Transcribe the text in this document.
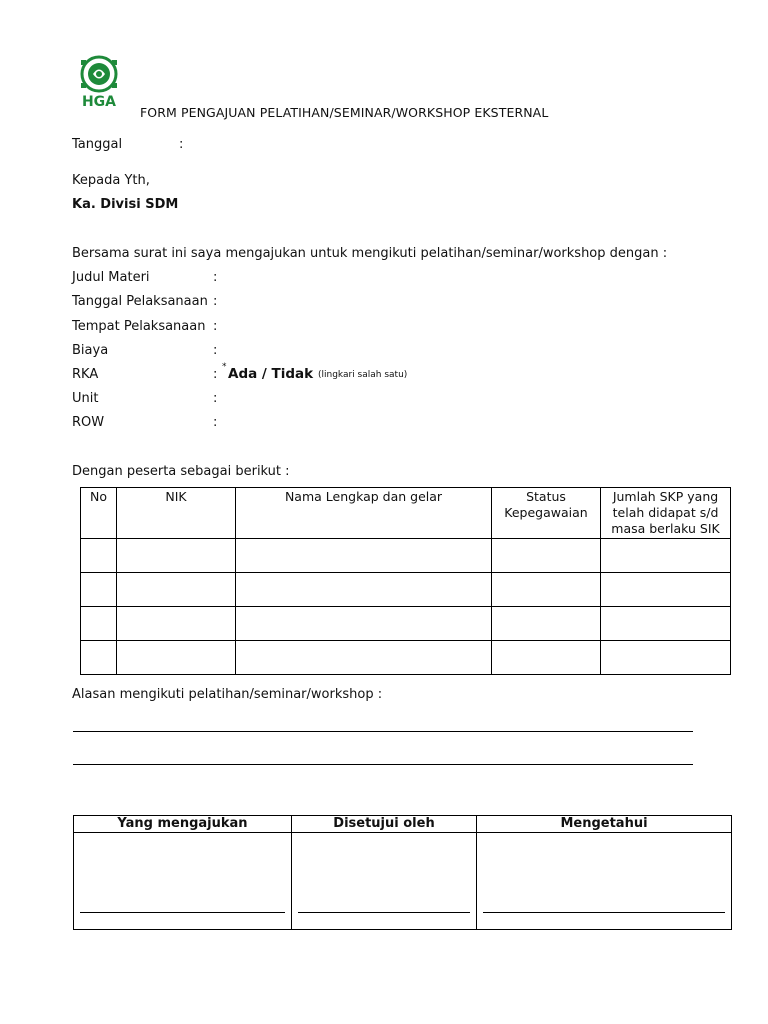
HGA
FORM PENGAJUAN PELATIHAN/SEMINAR/WORKSHOP EKSTERNAL
Tanggal	:
Kepada Yth,
Ka. Divisi SDM
Bersama surat ini saya mengajukan untuk mengikuti pelatihan/seminar/workshop dengan :
Judul Materi	:
Tanggal Pelaksanaan :
Tempat Pelaksanaan :
Biaya	:
RKA	: * Ada / Tidak (lingkari salah satu)
Unit	:
ROW	:
Dengan peserta sebagai berikut :
No	NIK	Nama Lengkap dan gelar	Status Kepegawaian	Jumlah SKP yang telah didapat s/d masa berlaku SIK

Alasan mengikuti pelatihan/seminar/workshop :
Yang mengajukan	Disetujui oleh	Mengetahui
